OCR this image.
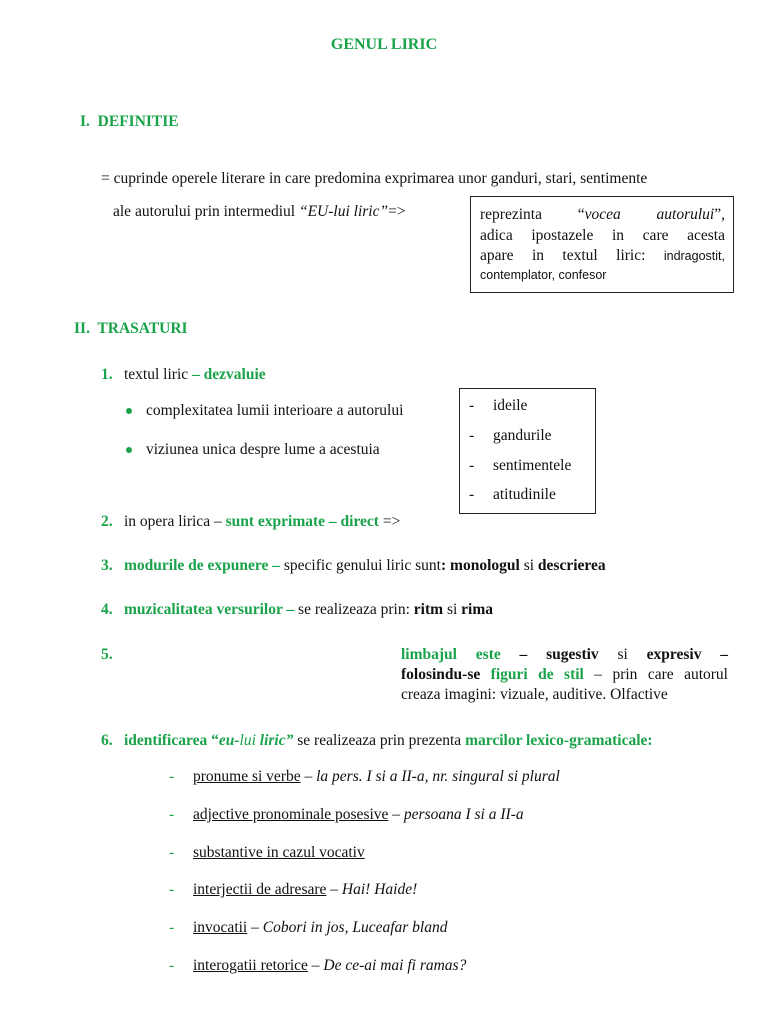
GENUL LIRIC
I.  DEFINITIE
= cuprinde operele literare in care predomina exprimarea unor ganduri, stari, sentimente
ale autorului prin intermediul “EU-lui liric”=>	reprezinta “vocea autorului”,
adica ipostazele in care acesta
apare in textul liric: indragostit,
contemplator, confesor
II.  TRASATURI
1. textul liric – dezvaluie
complexitatea lumii interioare a autorului
viziunea unica despre lume a acestuia
- ideile
- gandurile
- sentimentele
- atitudinile
2. in opera lirica – sunt exprimate – direct =>
3. modurile de expunere – specific genului liric sunt: monologul si descrierea
4. muzicalitatea versurilor – se realizeaza prin: ritm si rima
5.	limbajul este – sugestiv si expresiv –
folosindu-se figuri de stil – prin care autorul
creaza imagini: vizuale, auditive. Olfactive
6. identificarea “eu-lui liric” se realizeaza prin prezenta marcilor lexico-gramaticale:
- pronume si verbe – la pers. I si a II-a, nr. singural si plural
- adjective pronominale posesive – persoana I si a II-a
- substantive in cazul vocativ
- interjectii de adresare – Hai! Haide!
- invocatii – Cobori in jos, Luceafar bland
- interogatii retorice – De ce-ai mai fi ramas?
